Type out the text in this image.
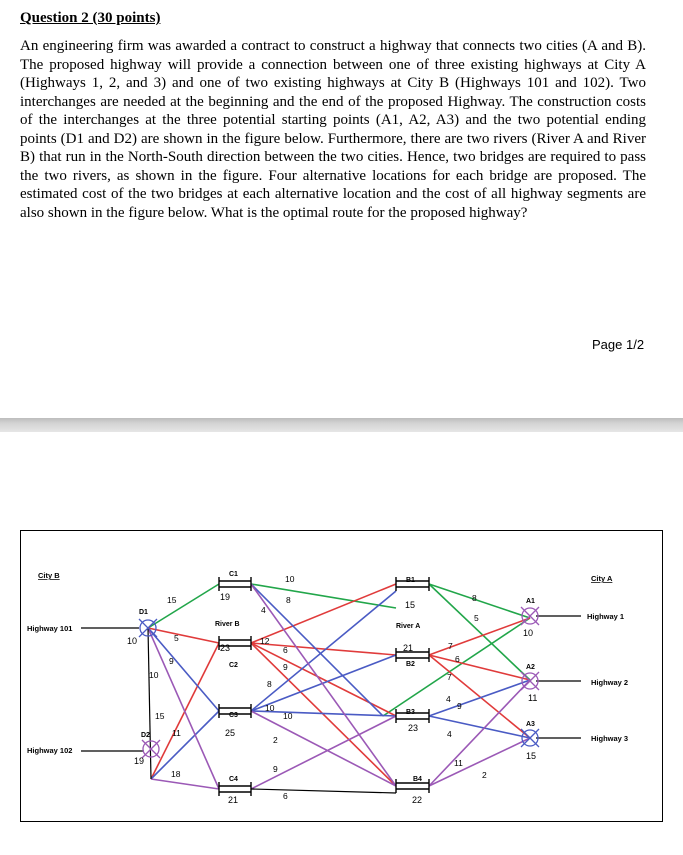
Question 2 (30 points)

An engineering firm was awarded a contract to construct a highway that connects two cities (A and B). The proposed highway will provide a connection between one of three existing highways at City A (Highways 1, 2, and 3) and one of two existing highways at City B (Highways 101 and 102). Two interchanges are needed at the beginning and the end of the proposed Highway. The construction costs of the interchanges at the three potential starting points (A1, A2, A3) and the two potential ending points (D1 and D2) are shown in the figure below. Furthermore, there are two rivers (River A and River B) that run in the North-South direction between the two cities. Hence, two bridges are required to pass the two rivers, as shown in the figure. Four alternative locations for each bridge are proposed. The estimated cost of the two bridges at each alternative location and the cost of all highway segments are also shown in the figure below. What is the optimal route for the proposed highway?

Page 1/2
City B	City A
Highway 101
Highway 102
Highway 1
Highway 2
Highway 3
River B	River A
D1
D2
A1
A2
A3
C1
C2
C3
C4
B1
B2
B3
B4
19
23
25
21
15
21
23
22
10
19
10
11
15
15
5
9
10
15
11
18
10
8
4
12
6
9
8
10
10
2
9
6
8
5
7
6
7
4
9
4
11
2
